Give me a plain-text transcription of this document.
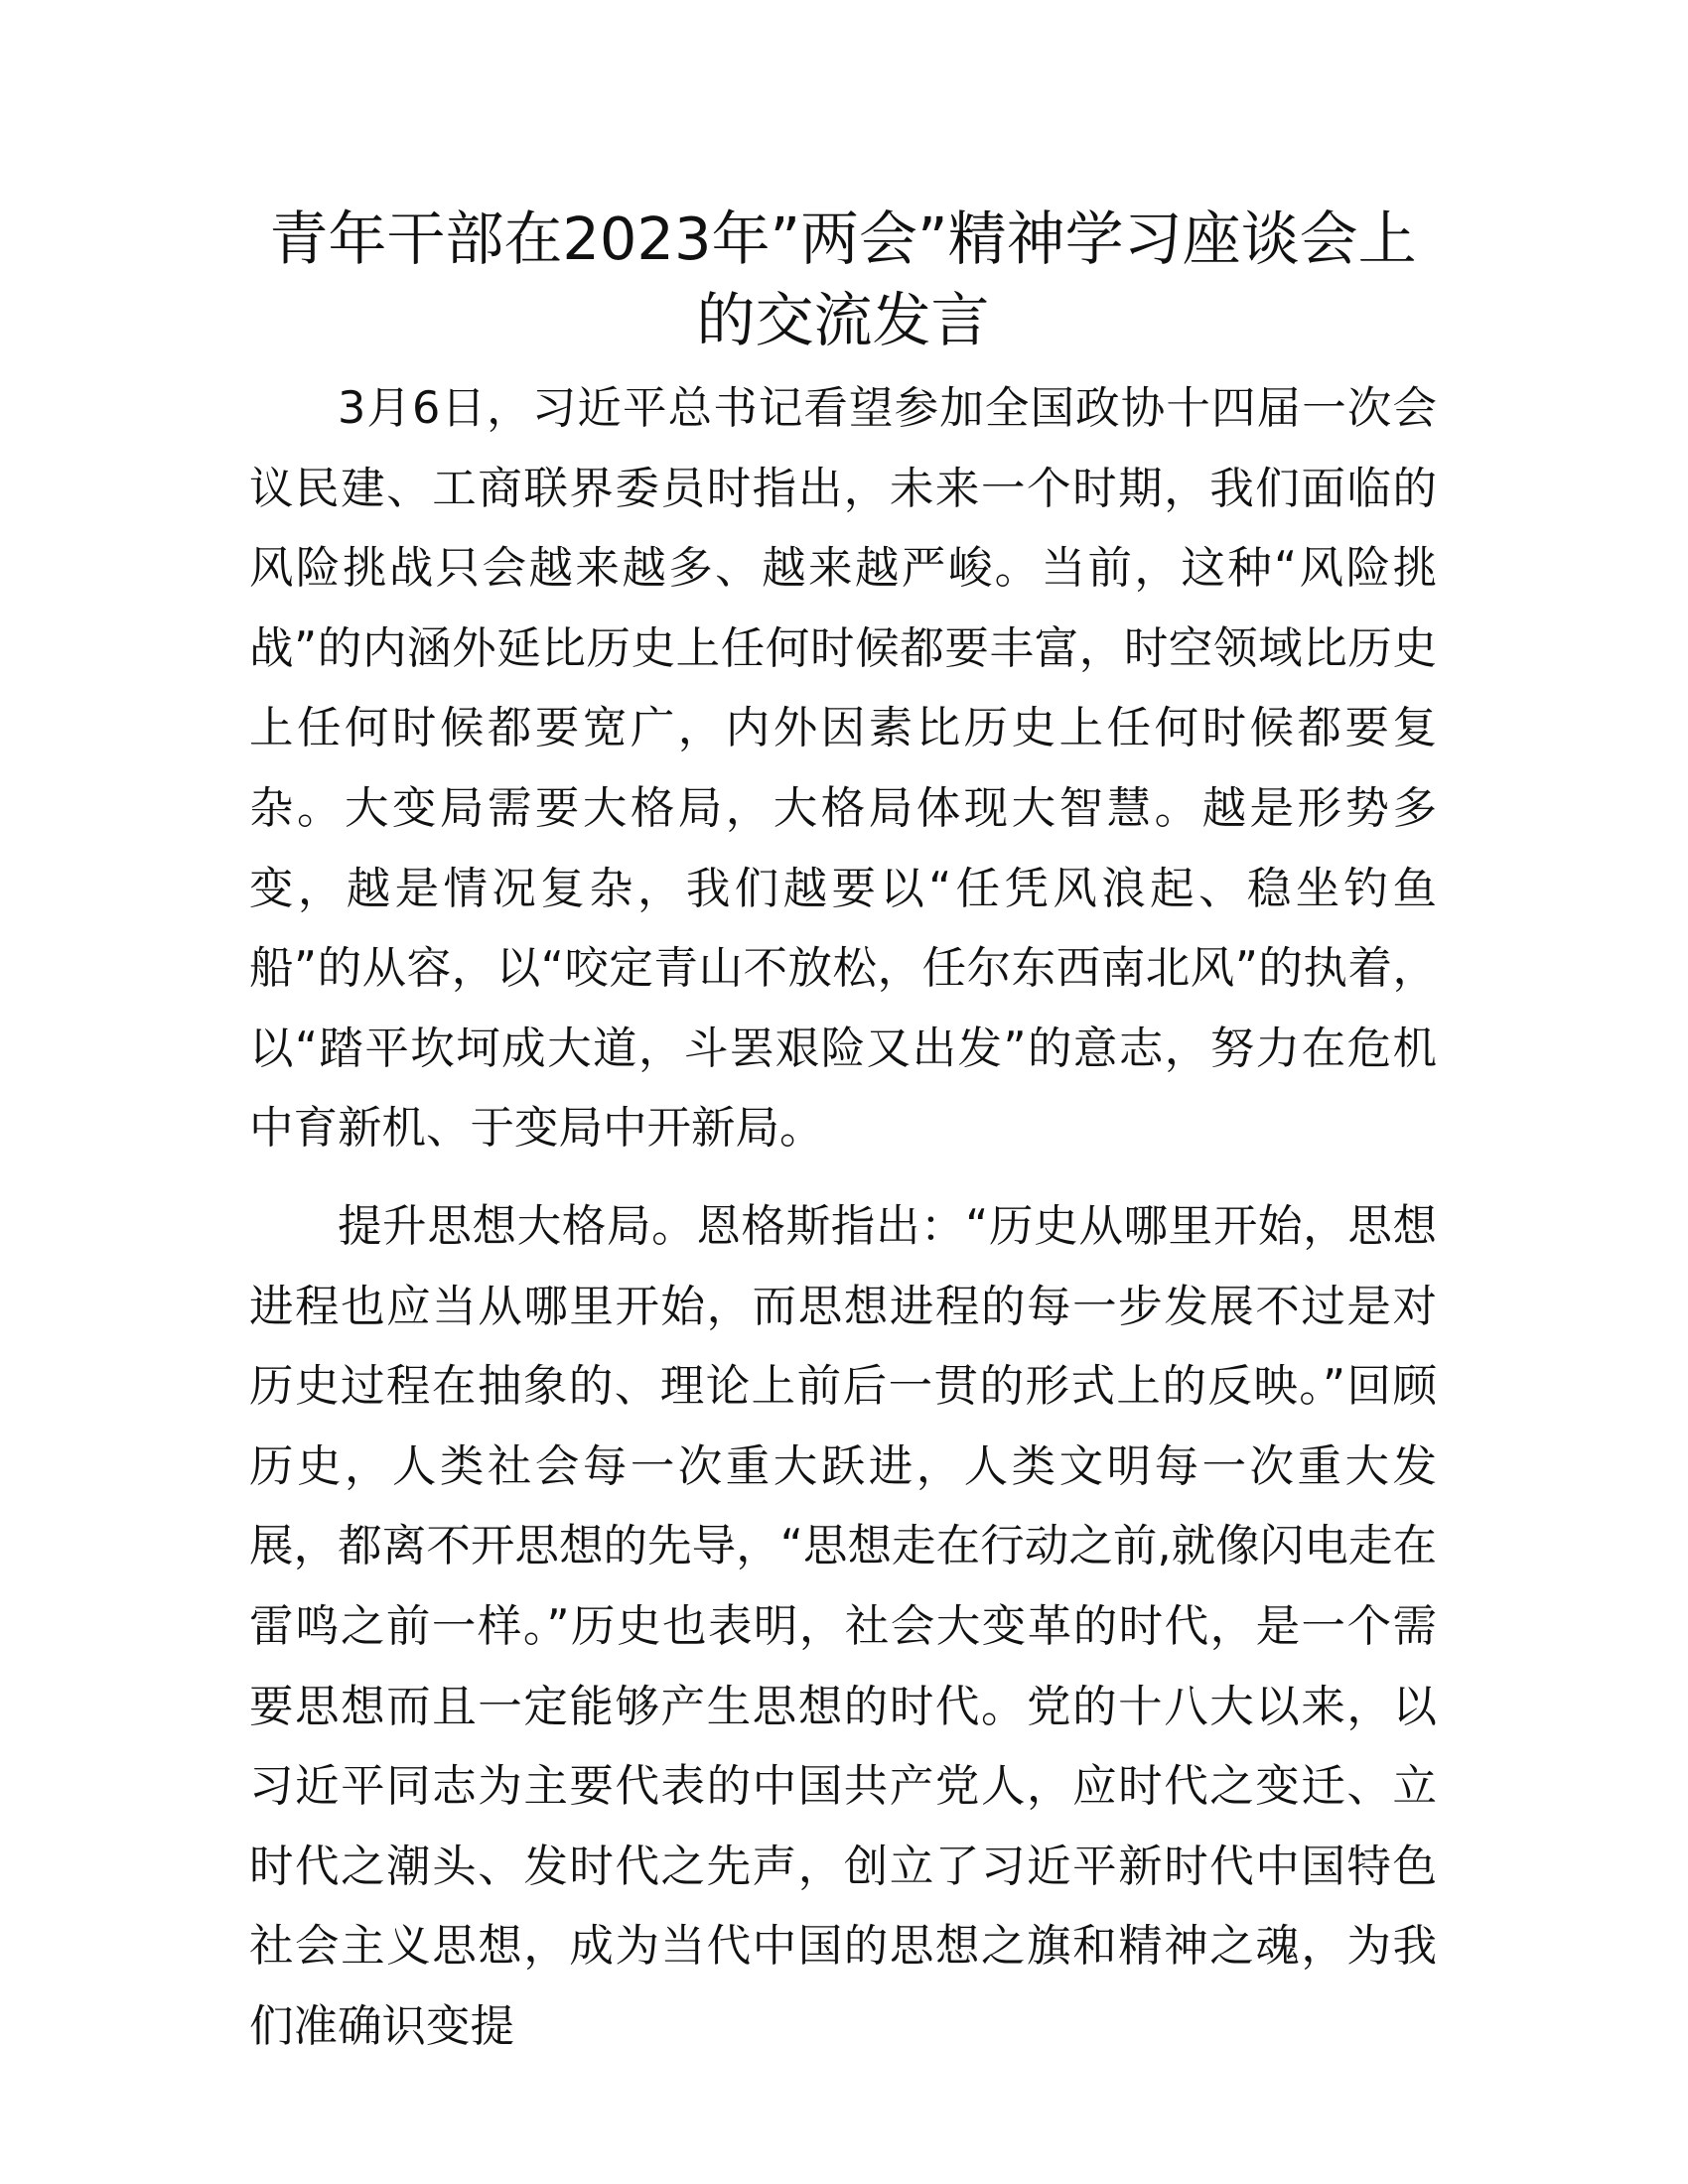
青年干部在2023年”两会”精神学习座谈会上
的交流发言

3月6日，习近平总书记看望参加全国政协十四届一次会议民建、工商联界委员时指出，未来一个时期，我们面临的风险挑战只会越来越多、越来越严峻。当前，这种“风险挑战”的内涵外延比历史上任何时候都要丰富，时空领域比历史上任何时候都要宽广，内外因素比历史上任何时候都要复杂。大变局需要大格局，大格局体现大智慧。越是形势多变，越是情况复杂，我们越要以“任凭风浪起、稳坐钓鱼船”的从容，以“咬定青山不放松，任尔东西南北风”的执着，以“踏平坎坷成大道，斗罢艰险又出发”的意志，努力在危机中育新机、于变局中开新局。

提升思想大格局。恩格斯指出：“历史从哪里开始，思想进程也应当从哪里开始，而思想进程的每一步发展不过是对历史过程在抽象的、理论上前后一贯的形式上的反映。”回顾历史，人类社会每一次重大跃进，人类文明每一次重大发展，都离不开思想的先导，“思想走在行动之前,就像闪电走在雷鸣之前一样。”历史也表明，社会大变革的时代，是一个需要思想而且一定能够产生思想的时代。党的十八大以来，以习近平同志为主要代表的中国共产党人，应时代之变迁、立时代之潮头、发时代之先声，创立了习近平新时代中国特色社会主义思想，成为当代中国的思想之旗和精神之魂，为我们准确识变提
